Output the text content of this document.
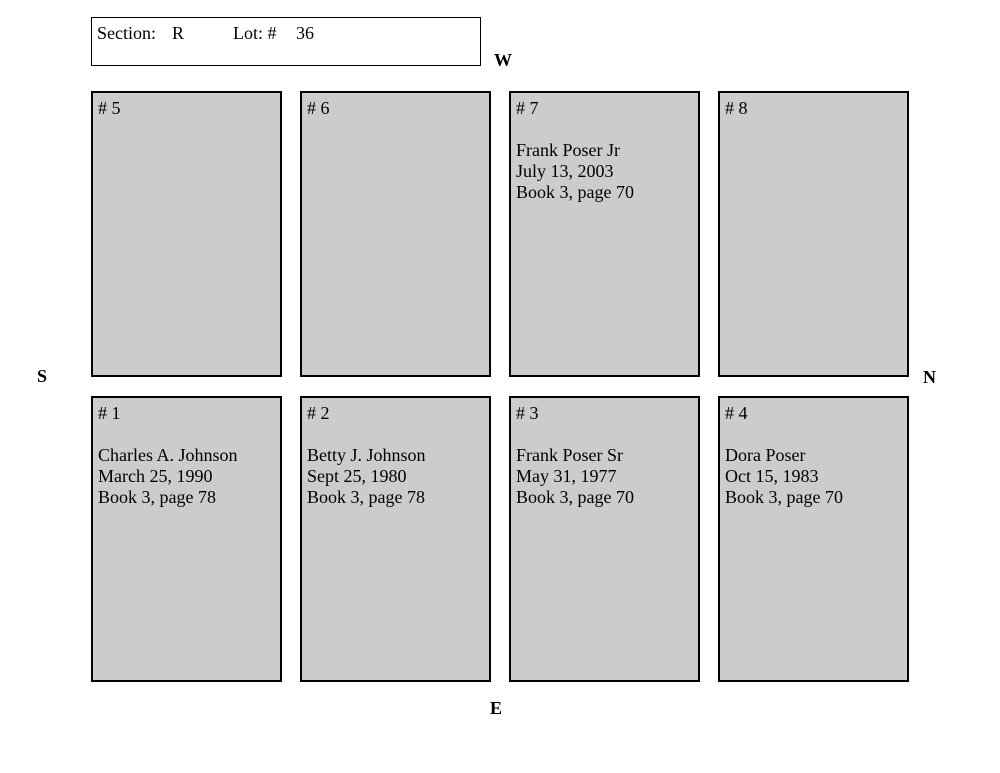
Section: R	Lot: # 36
W
E
S	N
# 5	# 6	# 7
Frank Poser Jr
July 13, 2003
Book 3, page 70
# 8
# 1
Charles A. Johnson
March 25, 1990
Book 3, page 78
# 2
Betty J. Johnson
Sept 25, 1980
Book 3, page 78
# 3
Frank Poser Sr
May 31, 1977
Book 3, page 70
# 4
Dora Poser
Oct 15, 1983
Book 3, page 70
